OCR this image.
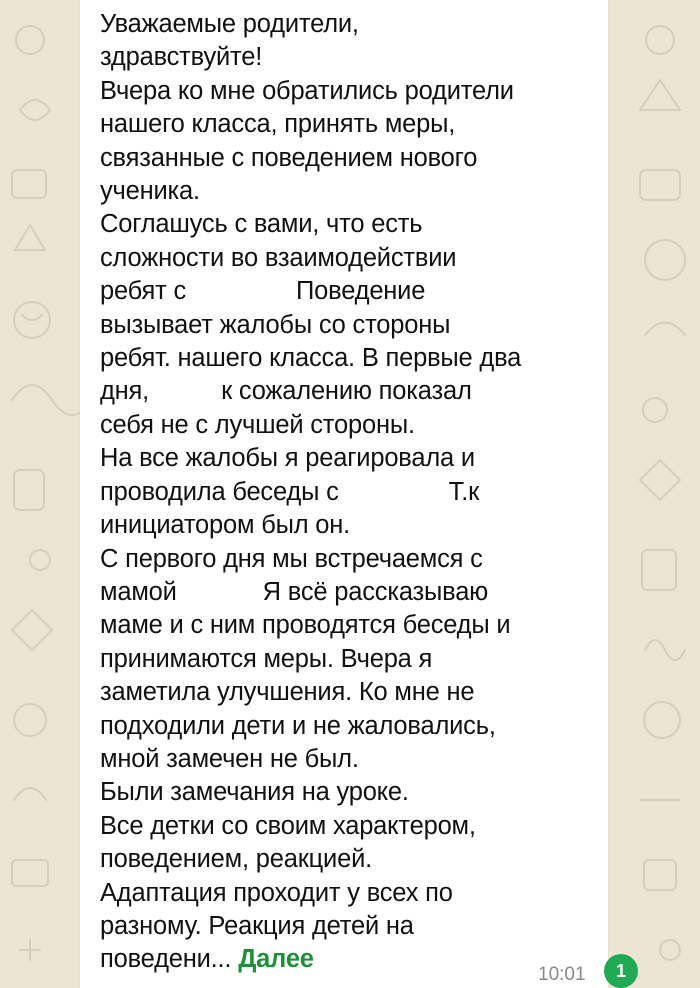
Уважаемые родители,
здравствуйте!
Вчера ко мне обратились родители
нашего класса, принять меры,
связанные с поведением нового
ученика.
Соглашусь с вами, что есть
сложности во взаимодействии
ребят с	Поведение
вызывает жалобы со стороны
ребят. нашего класса. В первые два
дня,	к сожалению показал
себя не с лучшей стороны.
На все жалобы я реагировала и
проводила беседы с	Т.к
инициатором был он.
С первого дня мы встречаемся с
мамой	Я всё рассказываю
маме и с ним проводятся беседы и
принимаются меры. Вчера я
заметила улучшения. Ко мне не
подходили дети и не жаловались,
мной замечен не был.
Были замечания на уроке.
Все детки со своим характером,
поведением, реакцией.
Адаптация проходит у всех по
разному. Реакция детей на
поведени... Далее
10:01	1
